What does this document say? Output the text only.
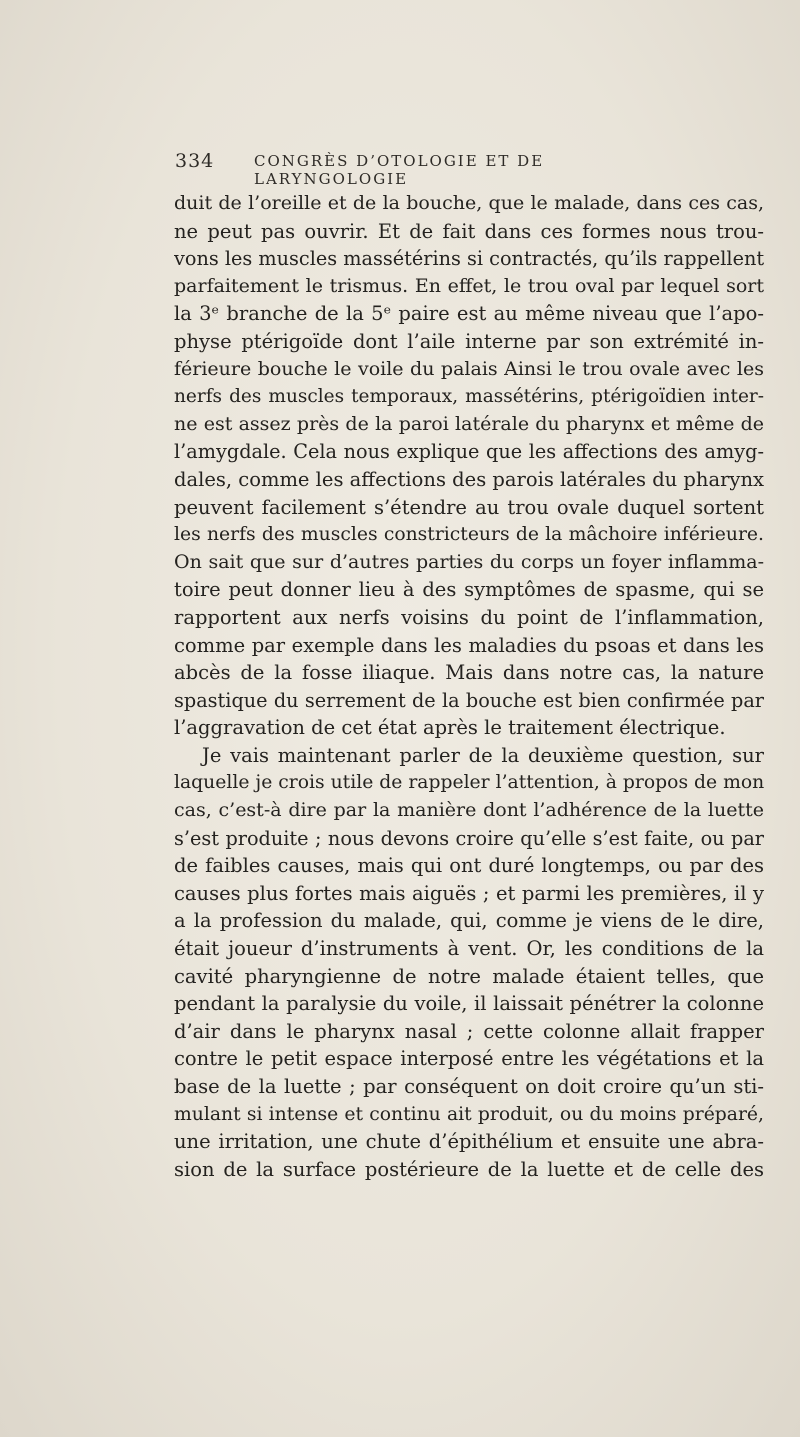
334	CONGRÈS D’OTOLOGIE ET DE LARYNGOLOGIE
duit de l’oreille et de la bouche, que le malade, dans ces cas,
ne peut pas ouvrir. Et de fait dans ces formes nous trou-
vons les muscles massétérins si contractés, qu’ils rappellent
parfaitement le trismus. En effet, le trou oval par lequel sort
la 3ᵉ branche de la 5ᵉ paire est au même niveau que l’apo-
physe ptérigoïde dont l’aile interne par son extrémité in-
férieure bouche le voile du palais Ainsi le trou ovale avec les
nerfs des muscles temporaux, massétérins, ptérigoïdien inter-
ne est assez près de la paroi latérale du pharynx et même de
l’amygdale. Cela nous explique que les affections des amyg-
dales, comme les affections des parois latérales du pharynx
peuvent facilement s’étendre au trou ovale duquel sortent
les nerfs des muscles constricteurs de la mâchoire inférieure.
On sait que sur d’autres parties du corps un foyer inflamma-
toire peut donner lieu à des symptômes de spasme, qui se
rapportent aux nerfs voisins du point de l’inflammation,
comme par exemple dans les maladies du psoas et dans les
abcès de la fosse iliaque. Mais dans notre cas, la nature
spastique du serrement de la bouche est bien confirmée par
l’aggravation de cet état après le traitement électrique.
Je vais maintenant parler de la deuxième question, sur
laquelle je crois utile de rappeler l’attention, à propos de mon
cas, c’est-à dire par la manière dont l’adhérence de la luette
s’est produite ; nous devons croire qu’elle s’est faite, ou par
de faibles causes, mais qui ont duré longtemps, ou par des
causes plus fortes mais aiguës ; et parmi les premières, il y
a la profession du malade, qui, comme je viens de le dire,
était joueur d’instruments à vent. Or, les conditions de la
cavité pharyngienne de notre malade étaient telles, que
pendant la paralysie du voile, il laissait pénétrer la colonne
d’air dans le pharynx nasal ; cette colonne allait frapper
contre le petit espace interposé entre les végétations et la
base de la luette ; par conséquent on doit croire qu’un sti-
mulant si intense et continu ait produit, ou du moins préparé,
une irritation, une chute d’épithélium et ensuite une abra-
sion de la surface postérieure de la luette et de celle des
